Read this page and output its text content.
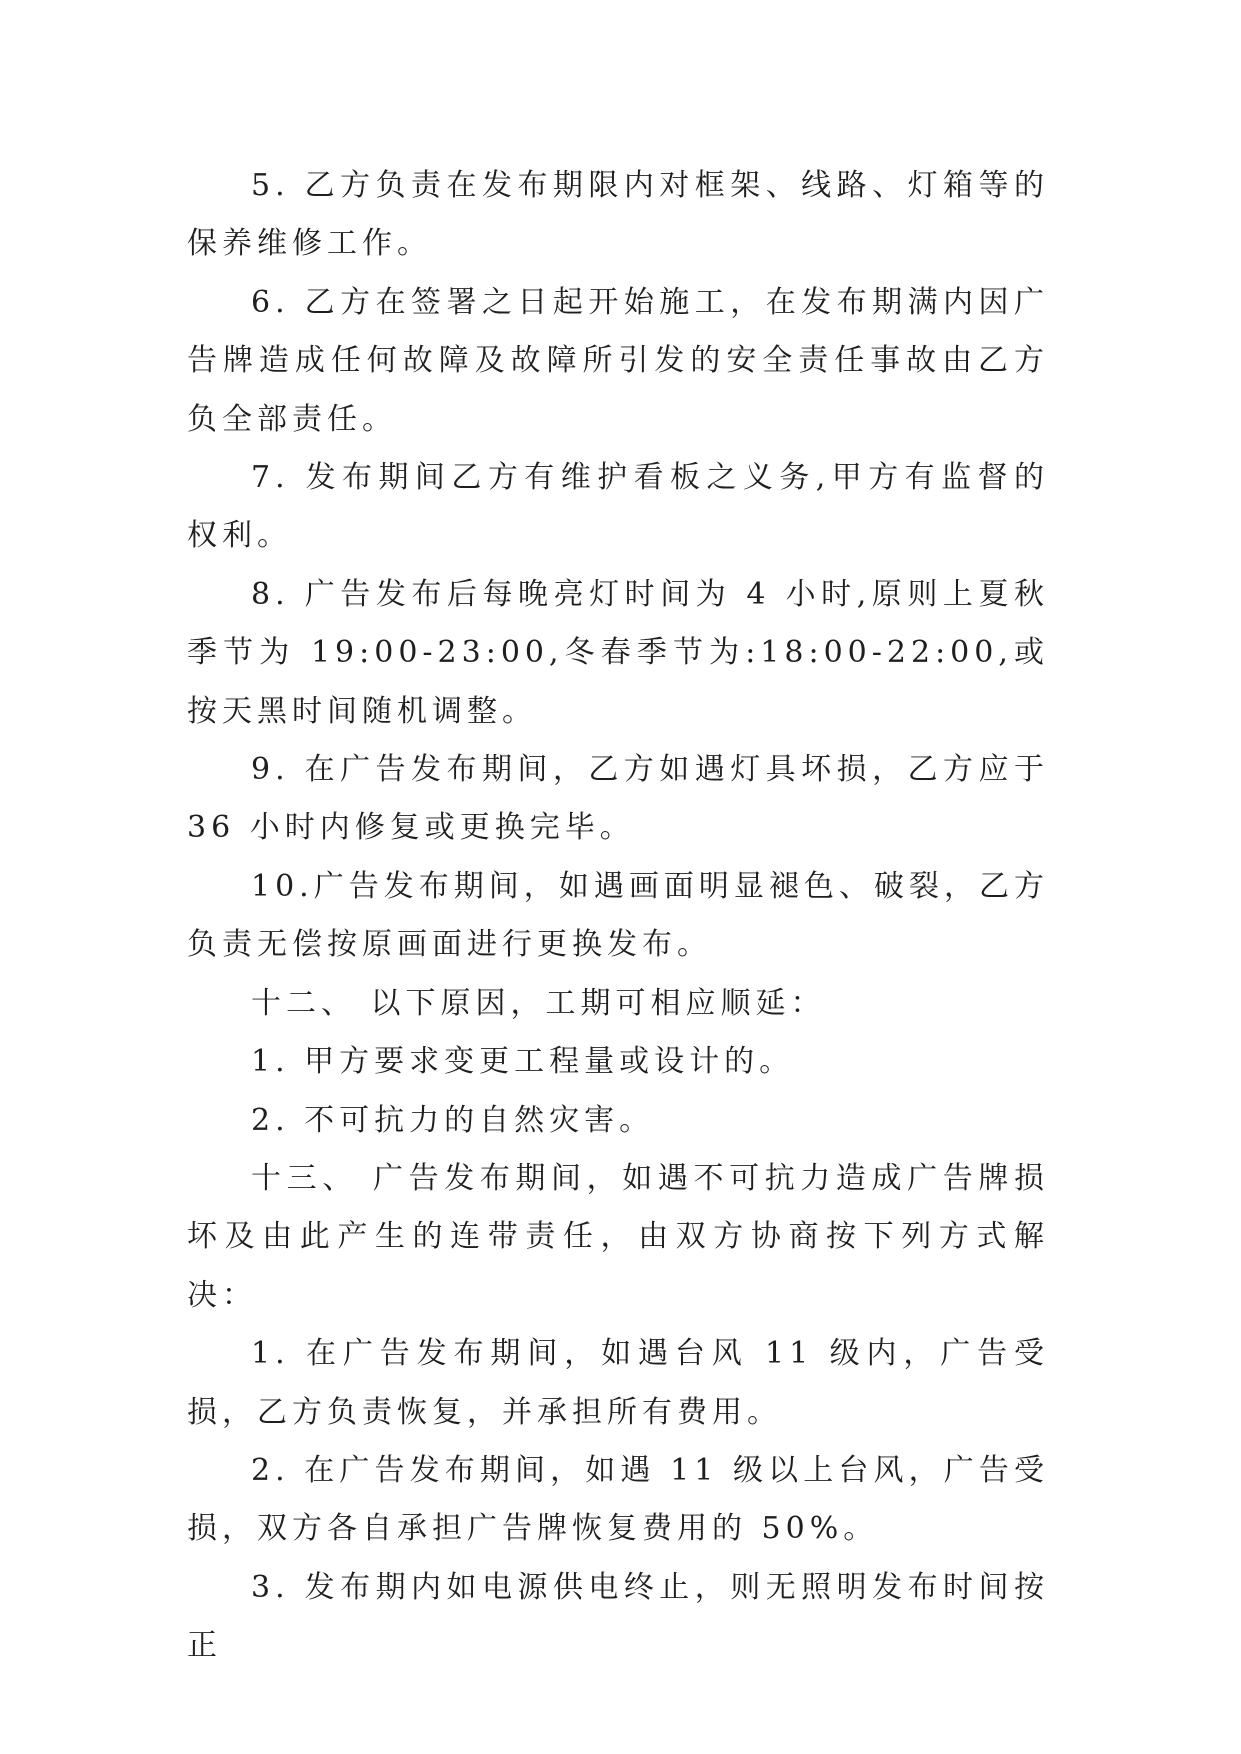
5. 乙方负责在发布期限内对框架、线路、灯箱等的保养维修工作。

6. 乙方在签署之日起开始施工，在发布期满内因广告牌造成任何故障及故障所引发的安全责任事故由乙方负全部责任。

7. 发布期间乙方有维护看板之义务,甲方有监督的权利。

8. 广告发布后每晚亮灯时间为 4 小时,原则上夏秋季节为 19:00-23:00,冬春季节为:18:00-22:00,或按天黑时间随机调整。

9. 在广告发布期间，乙方如遇灯具坏损，乙方应于 36 小时内修复或更换完毕。

10.广告发布期间，如遇画面明显褪色、破裂，乙方负责无偿按原画面进行更换发布。

十二、 以下原因，工期可相应顺延：

1. 甲方要求变更工程量或设计的。

2. 不可抗力的自然灾害。

十三、 广告发布期间，如遇不可抗力造成广告牌损坏及由此产生的连带责任，由双方协商按下列方式解决：

1. 在广告发布期间，如遇台风 11 级内，广告受损，乙方负责恢复，并承担所有费用。

2. 在广告发布期间，如遇 11 级以上台风，广告受损，双方各自承担广告牌恢复费用的 50%。

3. 发布期内如电源供电终止，则无照明发布时间按正
